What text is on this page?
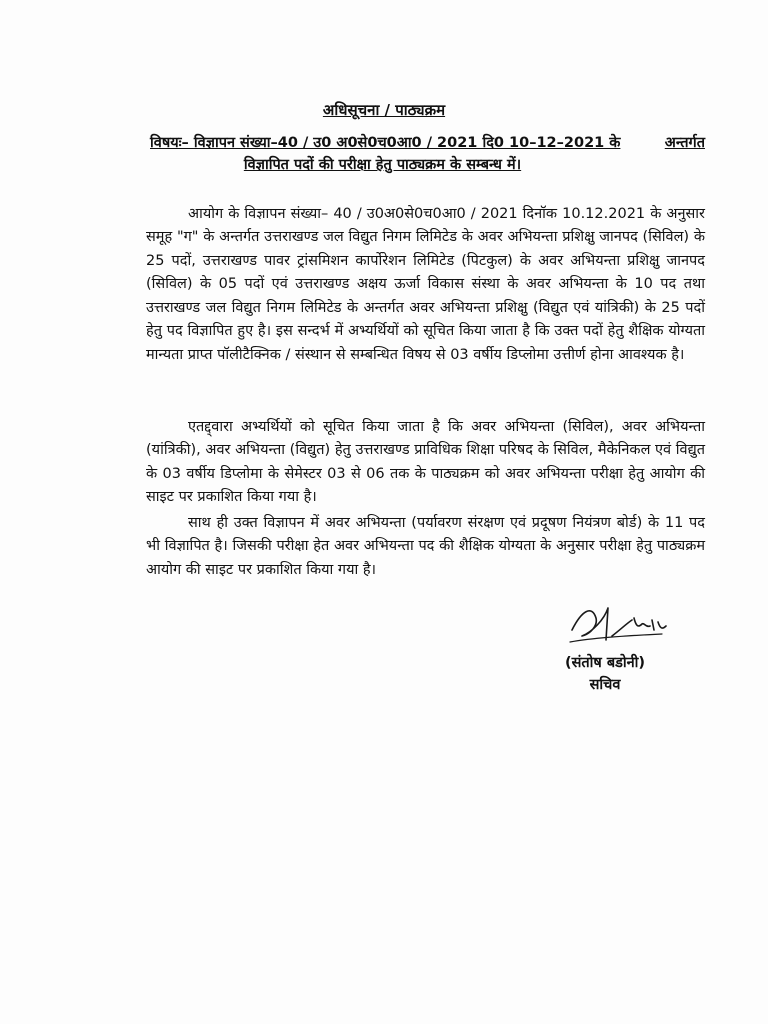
अधिसूचना / पाठ्यक्रम
विषयः– विज्ञापन संख्या–40 / उ0 अ0से0च0आ0 / 2021 दि0 10–12–2021 के	अन्तर्गत
विज्ञापित पदों की परीक्षा हेतु पाठ्यक्रम के सम्बन्ध में।

आयोग के विज्ञापन संख्या– 40 / उ0अ0से0च0आ0 / 2021 दिनॉक 10.12.2021 के अनुसार समूह "ग" के अन्तर्गत उत्तराखण्ड जल विद्युत निगम लिमिटेड के अवर अभियन्ता प्रशिक्षु जानपद (सिविल) के 25 पदों, उत्तराखण्ड पावर ट्रांसमिशन कार्पोरेशन लिमिटेड (पिटकुल) के अवर अभियन्ता प्रशिक्षु जानपद (सिविल) के 05 पदों एवं उत्तराखण्ड अक्षय ऊर्जा विकास संस्था के अवर अभियन्ता के 10 पद तथा उत्तराखण्ड जल विद्युत निगम लिमिटेड के अन्तर्गत अवर अभियन्ता प्रशिक्षु (विद्युत एवं यांत्रिकी) के 25 पदों हेतु पद विज्ञापित हुए है। इस सन्दर्भ में अभ्यर्थियों को सूचित किया जाता है कि उक्त पदों हेतु शैक्षिक योग्यता मान्यता प्राप्त पॉलीटैक्निक / संस्थान से सम्बन्धित विषय से 03 वर्षीय डिप्लोमा उत्तीर्ण होना आवश्यक है।

एतद्द्वारा अभ्यर्थियों को सूचित किया जाता है कि अवर अभियन्ता (सिविल), अवर अभियन्ता (यांत्रिकी), अवर अभियन्ता (विद्युत) हेतु उत्तराखण्ड प्राविधिक शिक्षा परिषद के सिविल, मैकेनिकल एवं विद्युत के 03 वर्षीय डिप्लोमा के सेमेस्टर 03 से 06 तक के पाठ्यक्रम को अवर अभियन्ता परीक्षा हेतु आयोग की साइट पर प्रकाशित किया गया है।

साथ ही उक्त विज्ञापन में अवर अभियन्ता (पर्यावरण संरक्षण एवं प्रदूषण नियंत्रण बोर्ड) के 11 पद भी विज्ञापित है। जिसकी परीक्षा हेत अवर अभियन्ता पद की शैक्षिक योग्यता के अनुसार परीक्षा हेतु पाठ्यक्रम आयोग की साइट पर प्रकाशित किया गया है।

(संतोष बडोनी)
सचिव
